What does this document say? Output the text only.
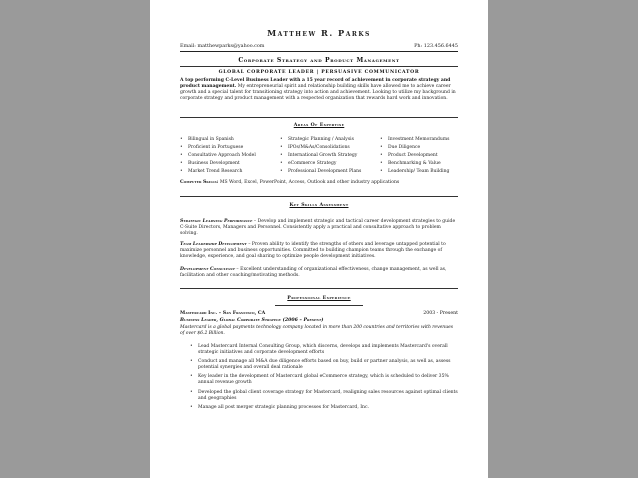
Matthew R. Parks
Email: matthewparks@yahoo.com	Ph: 123.456.6445
Corporate Strategy and Product Management
GLOBAL CORPORATE LEADER | PERSUASIVE COMMUNICATOR
A top performing C-Level Business Leader with a 15 year record of achievement in corporate strategy and product management. My entrepreneurial spirit and relationship building skills have allowed me to achieve career growth and a special talent for transitioning strategy into action and achievement. Looking to utilize my background in corporate strategy and product management with a respected organization that rewards hard work and innovation.
Areas Of Expertise
• Bilingual in Spanish
• Proficient in Portuguese
• Consultative Approach Model
• Business Development
• Market Trend Research
• Strategic Planning / Analysis
• IPOs/M&As/Consolidations
• International Growth Strategy
• eCommerce Strategy
• Professional Development Plans
• Investment Memorandums
• Due Diligence
• Product Development
• Benchmarking & Value
• Leadership/ Team Building
Computer Skills: MS Word, Excel, PowerPoint, Access, Outlook and other industry applications
Key Skills Assessment
Strategic Learning Performance – Develop and implement strategic and tactical career development strategies to guide C-Suite Directors, Managers and Personnel. Consistently apply a practical and consultative approach to problem solving.
Team Leadership Development – Proven ability to identify the strengths of others and leverage untapped potential to maximize personnel and business opportunities. Committed to building champion teams through the exchange of knowledge, experience, and goal sharing to optimize people development initiatives.
Development Consultant – Excellent understanding of organizational effectiveness, change management, as well as, facilitation and other coaching/motivating methods.
Professional Experience
Mastercard Inc. – San Francisco, CA	2003 - Present
Business Leader, Global Corporate Strategy (2006 – Present)
Mastercard is a global payments technology company located in more than 200 countries and territories with revenues of over $6.2 Billion.
• Lead Mastercard Internal Consulting Group, which discerns, develops and implements Mastercard's overall strategic initiatives and corporate development efforts
• Conduct and manage all M&A due diligence efforts based on buy, build or partner analysis, as well as, assess potential synergies and overall deal rationale
• Key leader in the development of Mastercard global eCommerce strategy, which is scheduled to deliver 35% annual revenue growth
• Developed the global client coverage strategy for Mastercard, realigning sales resources against optimal clients and geographies
• Manage all post merger strategic planning processes for Mastercard, Inc.
